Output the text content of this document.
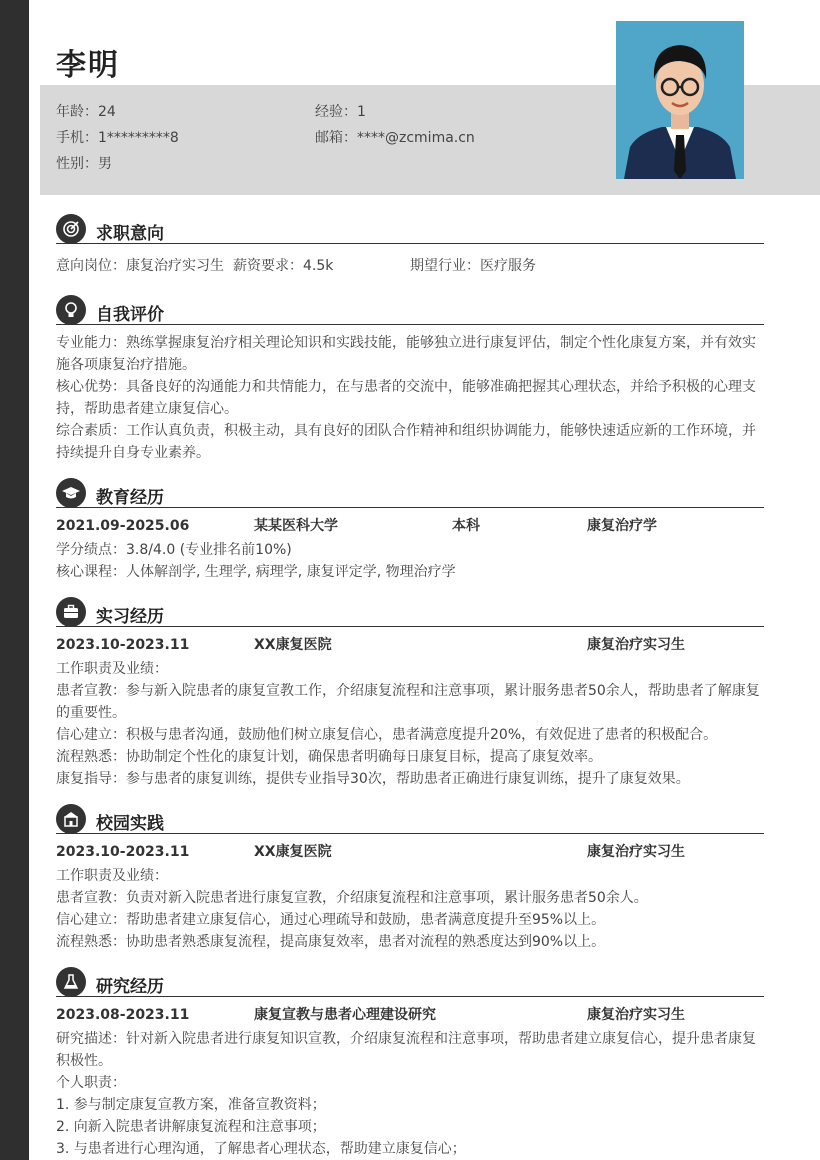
李明
年龄：24	经验：1
手机：1*********8	邮箱：****@zcmima.cn
性别：男
求职意向
意向岗位：康复治疗实习生 薪资要求：4.5k	期望行业：医疗服务
自我评价
专业能力：熟练掌握康复治疗相关理论知识和实践技能，能够独立进行康复评估，制定个性化康复方案，并有效实施各项康复治疗措施。
核心优势：具备良好的沟通能力和共情能力，在与患者的交流中，能够准确把握其心理状态，并给予积极的心理支持，帮助患者建立康复信心。
综合素质：工作认真负责，积极主动，具有良好的团队合作精神和组织协调能力，能够快速适应新的工作环境，并持续提升自身专业素养。
教育经历
2021.09-2025.06	某某医科大学	本科	康复治疗学
学分绩点：3.8/4.0 (专业排名前10%)
核心课程：人体解剖学, 生理学, 病理学, 康复评定学, 物理治疗学
实习经历
2023.10-2023.11	XX康复医院	康复治疗实习生
工作职责及业绩：
患者宣教：参与新入院患者的康复宣教工作，介绍康复流程和注意事项，累计服务患者50余人，帮助患者了解康复的重要性。
信心建立：积极与患者沟通，鼓励他们树立康复信心，患者满意度提升20%，有效促进了患者的积极配合。
流程熟悉：协助制定个性化的康复计划，确保患者明确每日康复目标，提高了康复效率。
康复指导：参与患者的康复训练，提供专业指导30次，帮助患者正确进行康复训练，提升了康复效果。
校园实践
2023.10-2023.11	XX康复医院	康复治疗实习生
工作职责及业绩：
患者宣教：负责对新入院患者进行康复宣教，介绍康复流程和注意事项，累计服务患者50余人。
信心建立：帮助患者建立康复信心，通过心理疏导和鼓励，患者满意度提升至95%以上。
流程熟悉：协助患者熟悉康复流程，提高康复效率，患者对流程的熟悉度达到90%以上。
研究经历
2023.08-2023.11	康复宣教与患者心理建设研究	康复治疗实习生
研究描述：针对新入院患者进行康复知识宣教，介绍康复流程和注意事项，帮助患者建立康复信心，提升患者康复积极性。
个人职责：
1. 参与制定康复宣教方案，准备宣教资料；
2. 向新入院患者讲解康复流程和注意事项；
3. 与患者进行心理沟通，了解患者心理状态，帮助建立康复信心；
